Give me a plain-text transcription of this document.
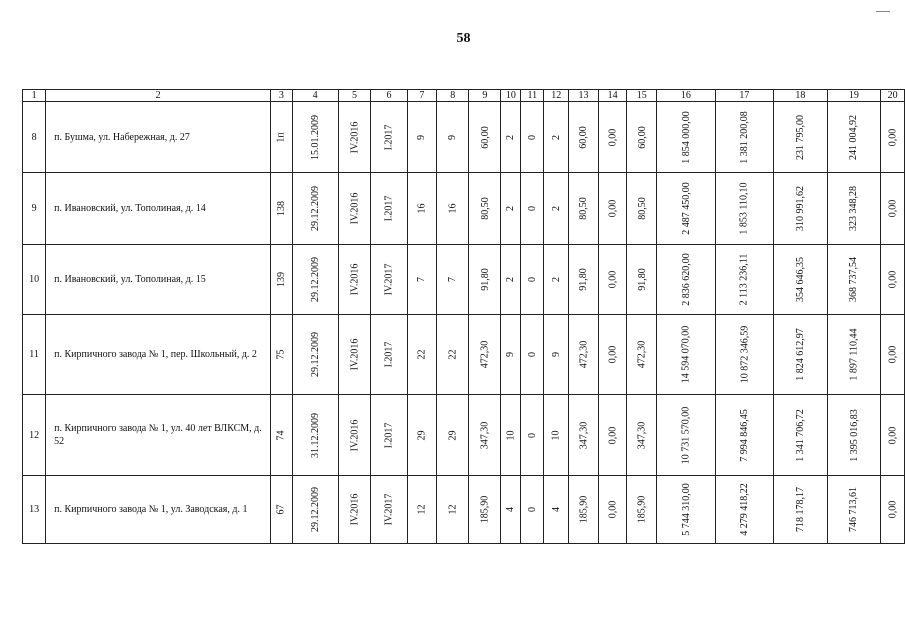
58
1	2	3	4	5	6	7	8	9	10	11	12	13	14	15	16	17	18	19	20
8	п. Бушма, ул. Набережная, д. 27	1п	15.01.2009	IV.2016	I.2017	9	9	60,00	2	0	2	60,00	0,00	60,00	1 854 000,00	1 381 200,08	231 795,00	241 004,92	0,00
9	п. Ивановский, ул. Тополиная, д. 14	138	29.12.2009	IV.2016	I.2017	16	16	80,50	2	0	2	80,50	0,00	80,50	2 487 450,00	1 853 110,10	310 991,62	323 348,28	0,00
10	п. Ивановский, ул. Тополиная, д. 15	139	29.12.2009	IV.2016	IV.2017	7	7	91,80	2	0	2	91,80	0,00	91,80	2 836 620,00	2 113 236,11	354 646,35	368 737,54	0,00
11	п. Кирпичного завода № 1, пер. Школьный, д. 2	75	29.12.2009	IV.2016	I.2017	22	22	472,30	9	0	9	472,30	0,00	472,30	14 594 070,00	10 872 346,59	1 824 612,97	1 897 110,44	0,00
12	п. Кирпичного завода № 1, ул. 40 лет ВЛКСМ, д. 52	74	31.12.2009	IV.2016	I.2017	29	29	347,30	10	0	10	347,30	0,00	347,30	10 731 570,00	7 994 846,45	1 341 706,72	1 395 016,83	0,00
13	п. Кирпичного завода № 1, ул. Заводская, д. 1	67	29.12.2009	IV.2016	IV.2017	12	12	185,90	4	0	4	185,90	0,00	185,90	5 744 310,00	4 279 418,22	718 178,17	746 713,61	0,00
